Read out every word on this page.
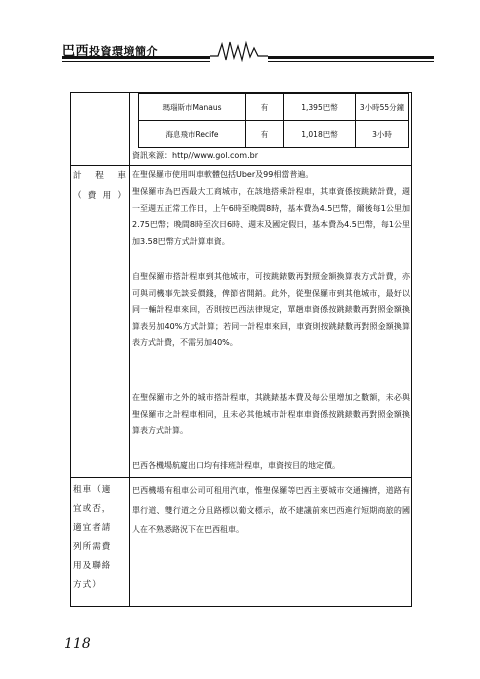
巴西投資環境簡介
瑪瑙斯市Manaus	有	1,395巴幣	3小時55分鐘
海息飛市Recife	有	1,018巴幣	3小時
資訊來源：http//www.gol.com.br
計 程 車
（費用）
在聖保羅市使用叫車軟體包括Uber及99相當普遍。
聖保羅市為巴西最大工商城市，在該地搭乘計程車，其車資係按跳錶計費，週一至週五正常工作日，上午6時至晚間8時，基本費為4.5巴幣，爾後每1公里加2.75巴幣；晚間8時至次日6時、週末及國定假日，基本費為4.5巴幣，每1公里加3.58巴幣方式計算車資。
自聖保羅市搭計程車到其他城市，可按跳錶數再對照金額換算表方式計費，亦可與司機事先談妥價錢，俾節省開銷。此外，從聖保羅市到其他城市，最好以同一輛計程車來回，否則按巴西法律規定，單趟車資係按跳錶數再對照金額換算表另加40%方式計算；若同一計程車來回，車資則按跳錶數再對照金額換算表方式計費，不需另加40%。
在聖保羅市之外的城市搭計程車，其跳錶基本費及每公里增加之數額，未必與聖保羅市之計程車相同，且未必其他城市計程車車資係按跳錶數再對照金額換算表方式計算。
巴西各機場航廈出口均有排班計程車，車資按目的地定價。
租車（適
宜或否，
適宜者請
列所需費
用及聯絡
方式）
巴西機場有租車公司可租用汽車，惟聖保羅等巴西主要城市交通擁擠，道路有單行道、雙行道之分且路標以葡文標示，故不建議前來巴西進行短期商旅的國人在不熟悉路況下在巴西租車。
118
